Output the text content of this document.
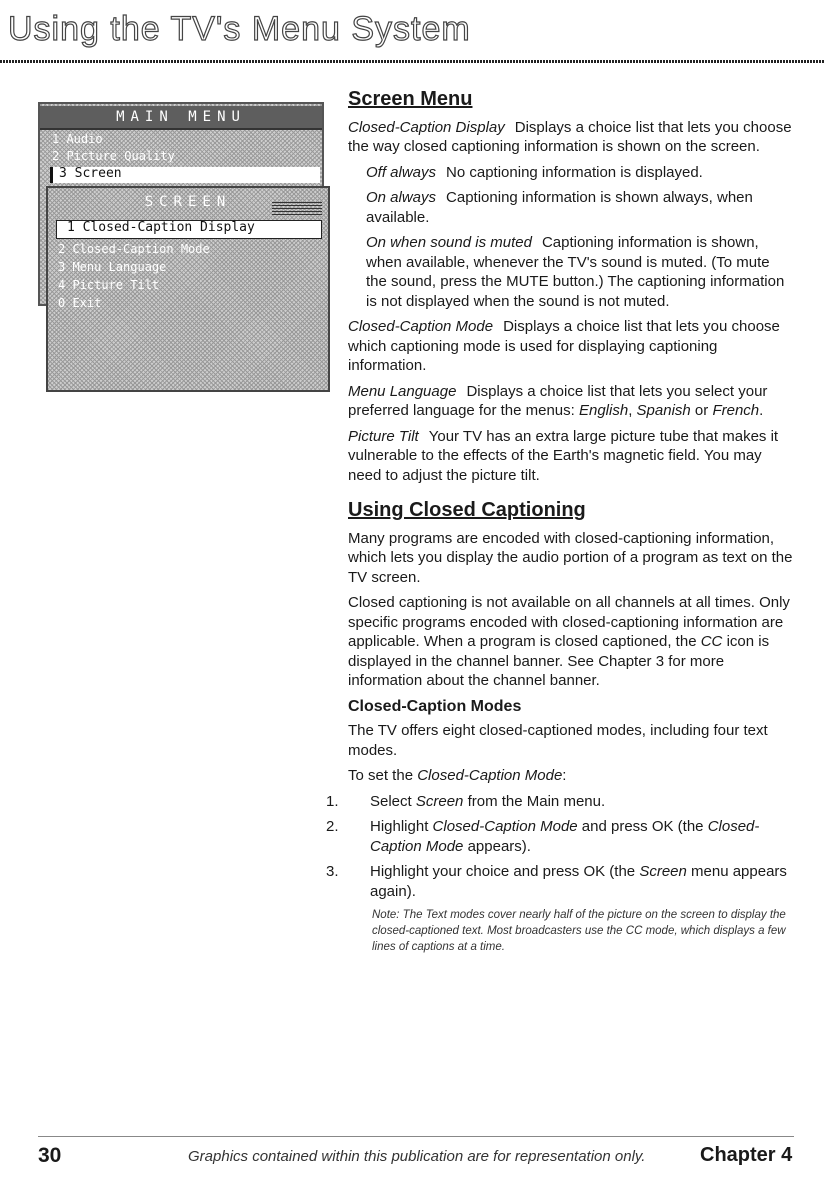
Using the TV's Menu System
MAIN MENU
1 Audio
2 Picture Quality
3 Screen
SCREEN
1 Closed-Caption Display
2 Closed-Caption Mode
3 Menu Language
4 Picture Tilt
0 Exit
Screen Menu

Closed-Caption Display Displays a choice list that lets you choose the way closed captioning information is shown on the screen.

Off always No captioning information is displayed.

On always Captioning information is shown always, when available.

On when sound is muted Captioning information is shown, when available, whenever the TV's sound is muted. (To mute the sound, press the MUTE button.) The captioning information is not displayed when the sound is not muted.

Closed-Caption Mode Displays a choice list that lets you choose which captioning mode is used for displaying captioning information.

Menu Language Displays a choice list that lets you select your preferred language for the menus: English, Spanish or French.

Picture Tilt Your TV has an extra large picture tube that makes it vulnerable to the effects of the Earth's magnetic field. You may need to adjust the picture tilt.

Using Closed Captioning

Many programs are encoded with closed-captioning information, which lets you display the audio portion of a program as text on the TV screen.

Closed captioning is not available on all channels at all times. Only specific programs encoded with closed-captioning information are applicable. When a program is closed captioned, the CC icon is displayed in the channel banner. See Chapter 3 for more information about the channel banner.

Closed-Caption Modes

The TV offers eight closed-captioned modes, including four text modes.

To set the Closed-Caption Mode:

1. Select Screen from the Main menu.
2. Highlight Closed-Caption Mode and press OK (the Closed-Caption Mode appears).
3. Highlight your choice and press OK (the Screen menu appears again).

Note: The Text modes cover nearly half of the picture on the screen to display the closed-captioned text. Most broadcasters use the CC mode, which displays a few lines of captions at a time.

30	Graphics contained within this publication are for representation only.	Chapter 4
